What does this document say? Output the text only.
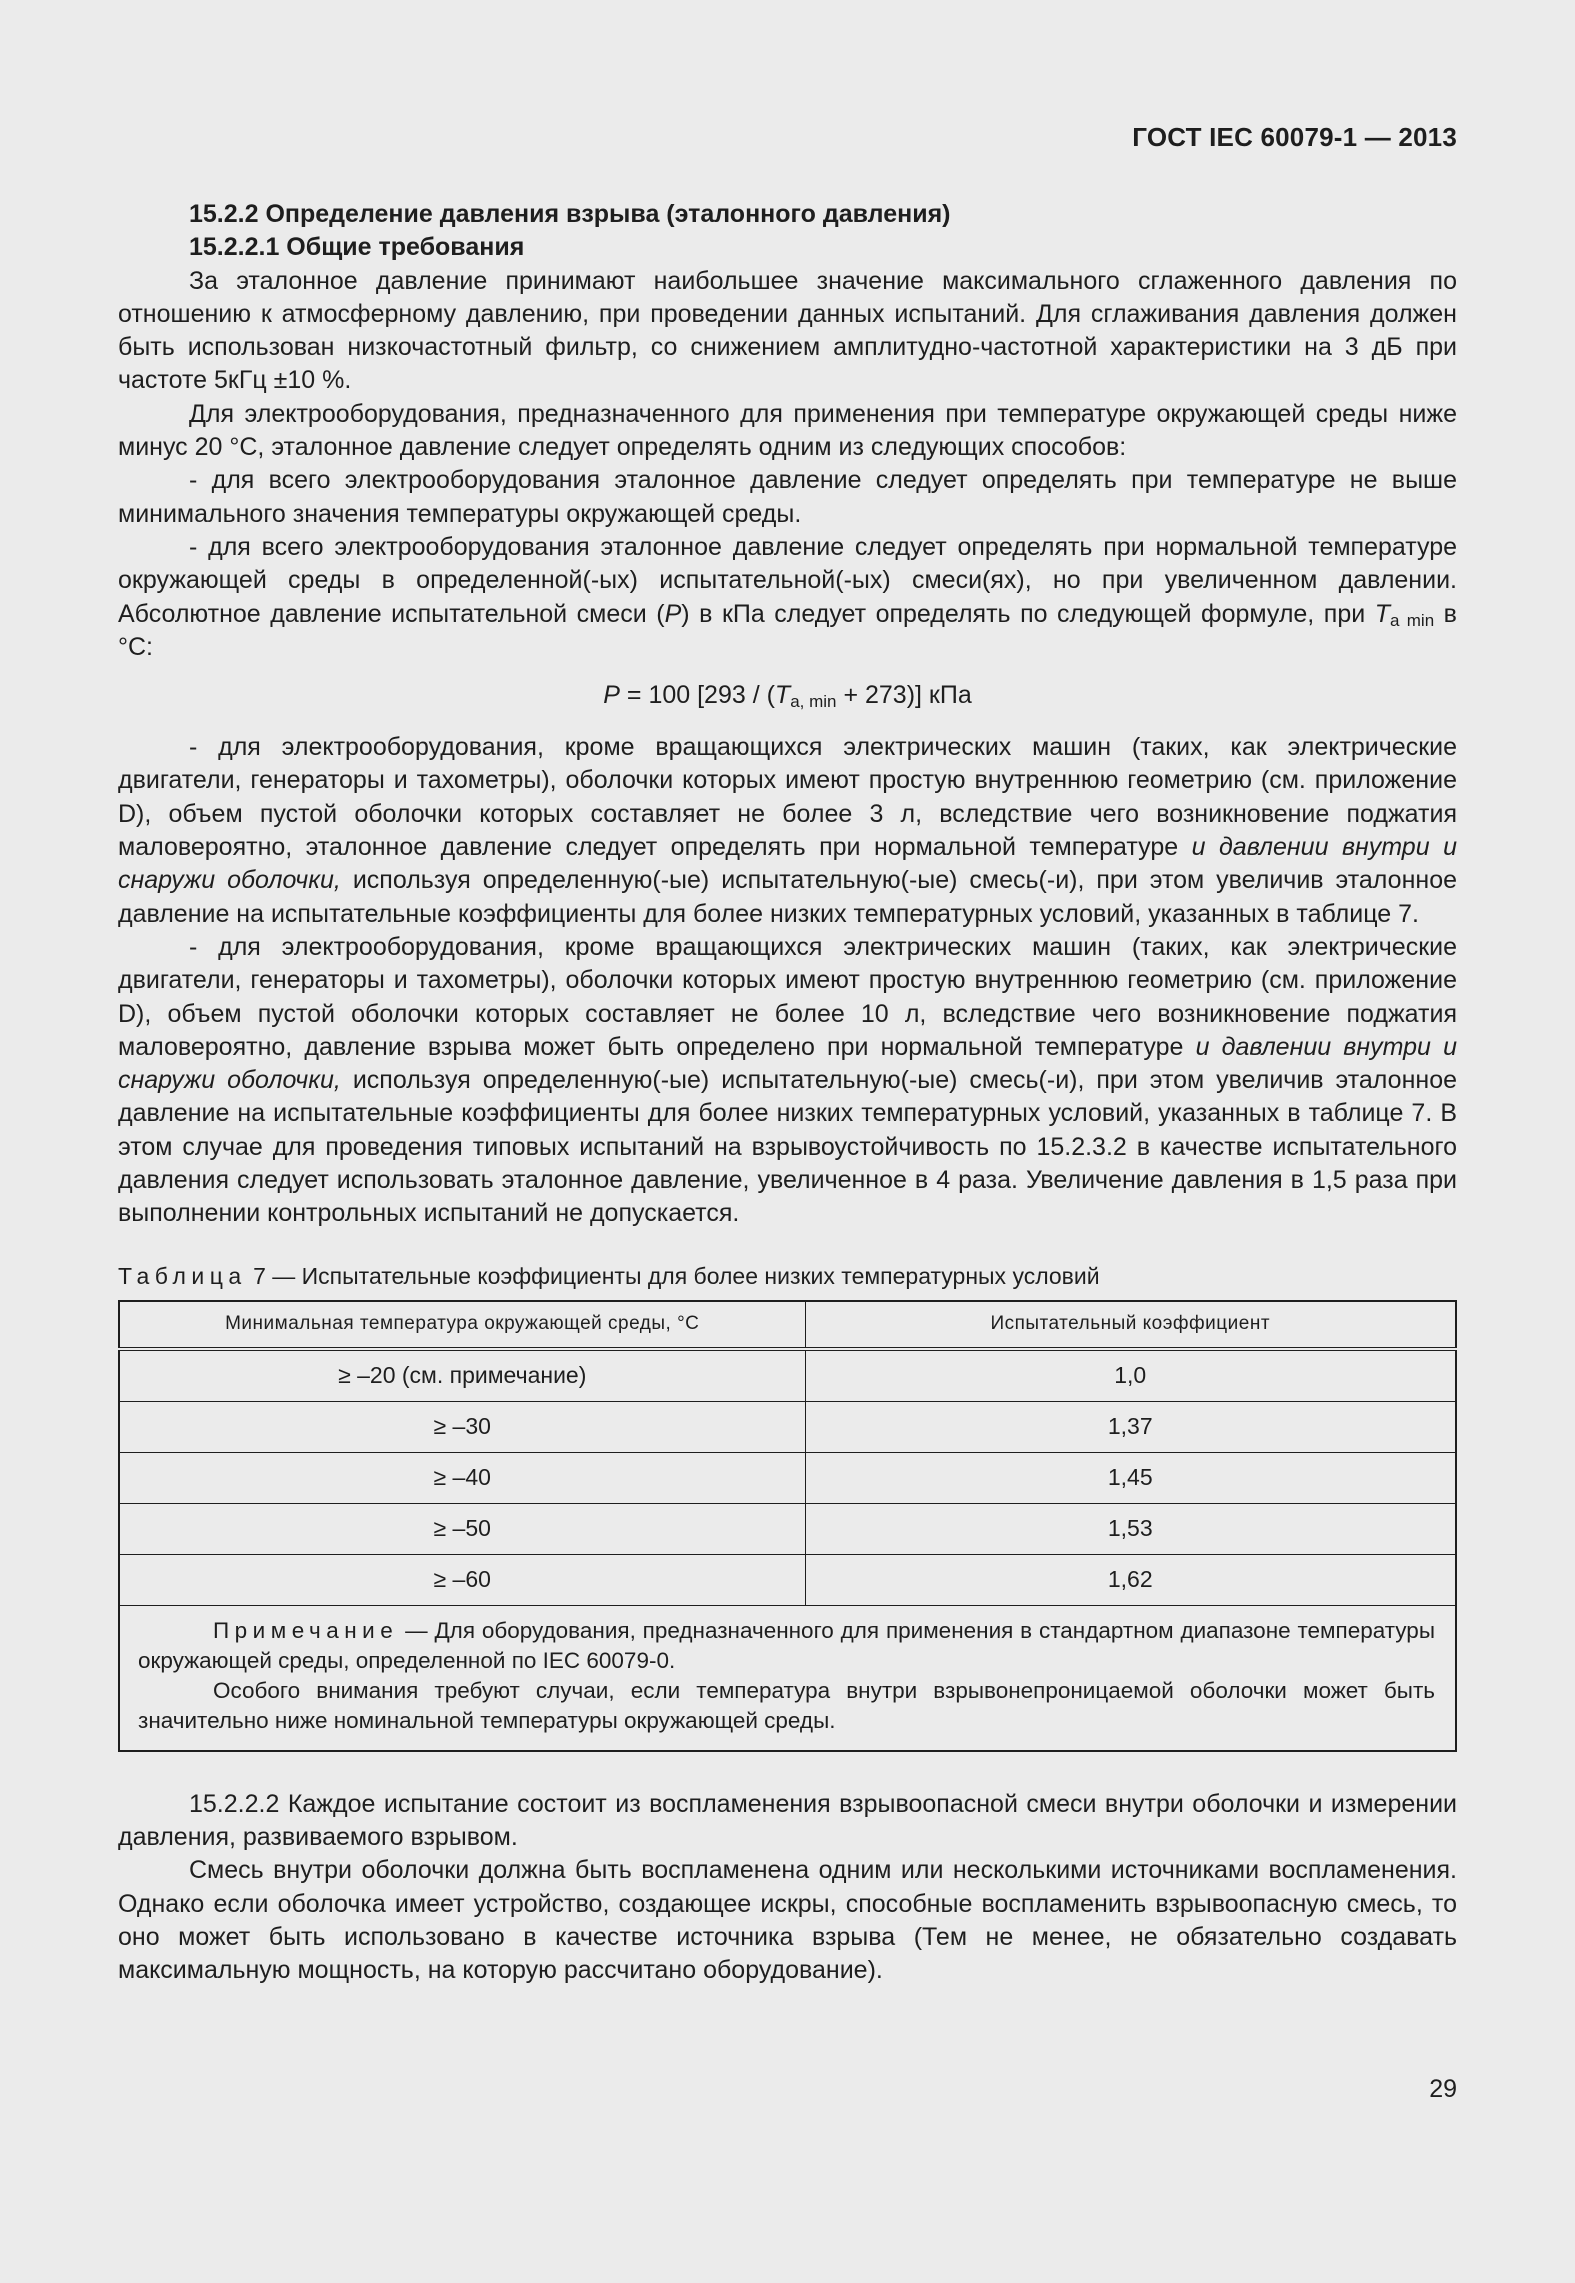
ГОСТ IEC 60079-1 — 2013

15.2.2 Определение давления взрыва (эталонного давления)

15.2.2.1 Общие требования

За эталонное давление принимают наибольшее значение максимального сглаженного давления по отношению к атмосферному давлению, при проведении данных испытаний. Для сглаживания давления должен быть использован низкочастотный фильтр, со снижением амплитудно-частотной характеристики на 3 дБ при частоте 5кГц ±10 %.

Для электрооборудования, предназначенного для применения при температуре окружающей среды ниже минус 20 °С, эталонное давление следует определять одним из следующих способов:

- для всего электрооборудования эталонное давление следует определять при температуре не выше минимального значения температуры окружающей среды.

- для всего электрооборудования эталонное давление следует определять при нормальной температуре окружающей среды в определенной(-ых) испытательной(-ых) смеси(ях), но при увеличенном давлении. Абсолютное давление испытательной смеси (P) в кПа следует определять по следующей формуле, при $T_{a min}$ в °С:

P = 100 $[293 / (T_{a, min} + 273)]$ кПа

- для электрооборудования, кроме вращающихся электрических машин (таких, как электрические двигатели, генераторы и тахометры), оболочки которых имеют простую внутреннюю геометрию (см. приложение D), объем пустой оболочки которых составляет не более 3 л, вследствие чего возникновение поджатия маловероятно, эталонное давление следует определять при нормальной температуре и давлении внутри и снаружи оболочки, используя определенную(-ые) испытательную(-ые) смесь(-и), при этом увеличив эталонное давление на испытательные коэффициенты для более низких температурных условий, указанных в таблице 7.

- для электрооборудования, кроме вращающихся электрических машин (таких, как электрические двигатели, генераторы и тахометры), оболочки которых имеют простую внутреннюю геометрию (см. приложение D), объем пустой оболочки которых составляет не более 10 л, вследствие чего возникновение поджатия маловероятно, давление взрыва может быть определено при нормальной температуре и давлении внутри и снаружи оболочки, используя определенную(-ые) испытательную(-ые) смесь(-и), при этом увеличив эталонное давление на испытательные коэффициенты для более низких температурных условий, указанных в таблице 7. В этом случае для проведения типовых испытаний на взрывоустойчивость по 15.2.3.2 в качестве испытательного давления следует использовать эталонное давление, увеличенное в 4 раза. Увеличение давления в 1,5 раза при выполнении контрольных испытаний не допускается.

Таблица 7 — Испытательные коэффициенты для более низких температурных условий

Минимальная температура окружающей среды, °С	Испытательный коэффициент
≥ –20 (см. примечание)	1,0
≥ –30	1,37
≥ –40	1,45
≥ –50	1,53
≥ –60	1,62

Примечание — Для оборудования, предназначенного для применения в стандартном диапазоне температуры окружающей среды, определенной по IEC 60079-0.

Особого внимания требуют случаи, если температура внутри взрывонепроницаемой оболочки может быть значительно ниже номинальной температуры окружающей среды.	

15.2.2.2 Каждое испытание состоит из воспламенения взрывоопасной смеси внутри оболочки и измерении давления, развиваемого взрывом.

Смесь внутри оболочки должна быть воспламенена одним или несколькими источниками воспламенения. Однако если оболочка имеет устройство, создающее искры, способные воспламенить взрывоопасную смесь, то оно может быть использовано в качестве источника взрыва (Тем не менее, не обязательно создавать максимальную мощность, на которую рассчитано оборудование).

29
